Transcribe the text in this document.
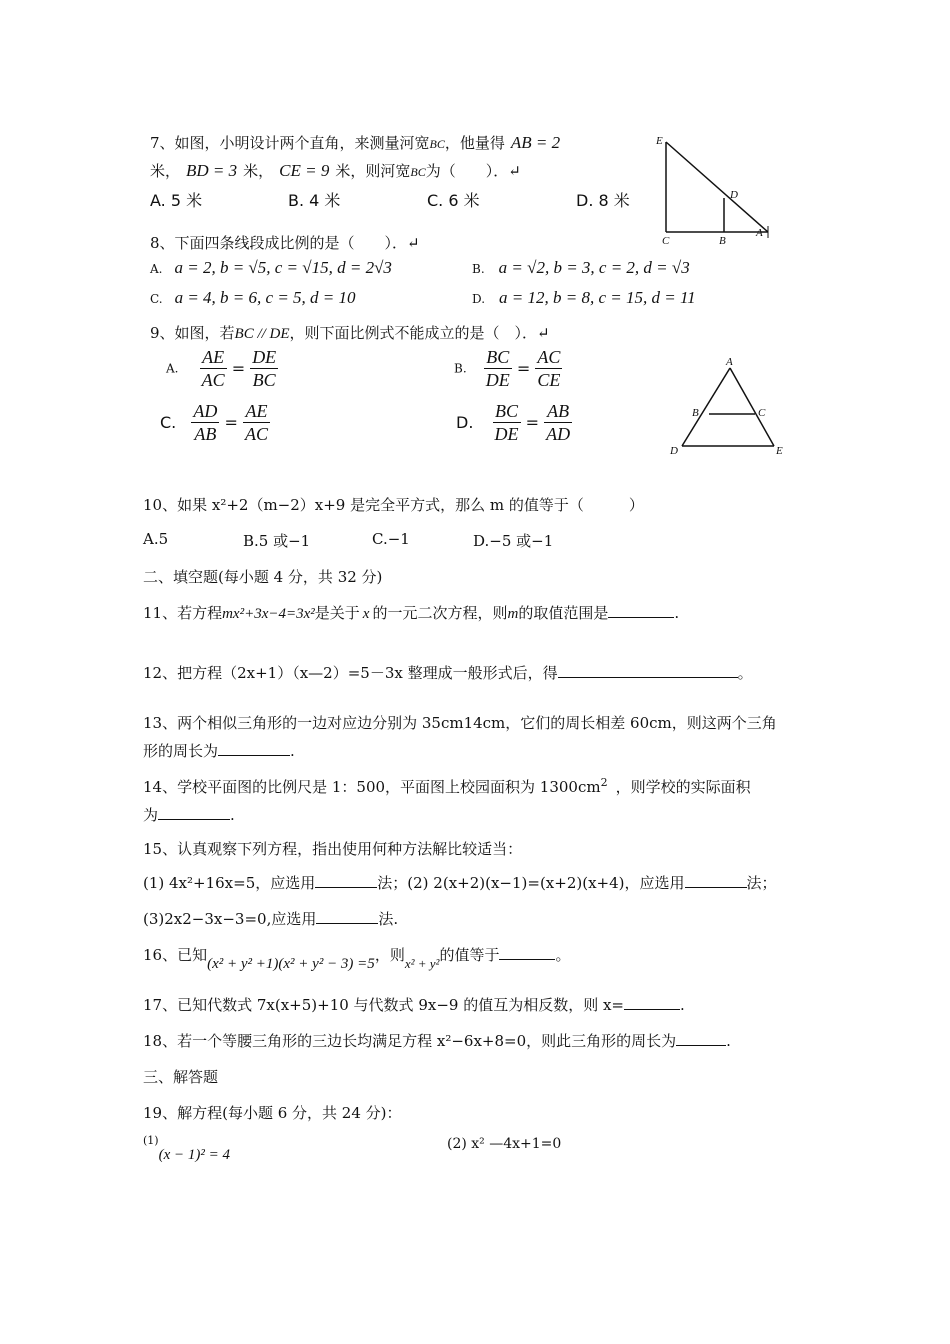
7、如图，小明设计两个直角，来测量河宽BC，他量得 AB = 2
米， BD = 3 米， CE = 9 米，则河宽BC为（　　）．↵
A. 5 米	B. 4 米	C. 6 米	D. 8 米
E
D
C	B
A
8、下面四条线段成比例的是（　　）．↵
A. a = 2, b = √5, c = √15, d = 2√3	B. a = √2, b = 3, c = 2, d = √3
C. a = 4, b = 6, c = 5, d = 10	D. a = 12, b = 8, c = 15, d = 11
9、如图，若BC // DE，则下面比例式不能成立的是（　）．↵
A. $\frac{AE}{AC} = \frac{DE}{BC}$	B. $\frac{BC}{DE} = \frac{AC}{CE}$
C. $\frac{AD}{AB} = \frac{AE}{AC}$	D. $\frac{BC}{DE} = \frac{AB}{AD}$
A
B	C
D	E
10、如果 x²+2（m−2）x+9 是完全平方式，那么 m 的值等于（　　　）
A.5	B.5 或−1	C.−1	D.−5 或−1
二、填空题(每小题 4 分，共 32 分)
11、若方程mx²+3x−4=3x²是关于 x 的一元二次方程，则m的取值范围是	.
12、把方程（2x+1）（x—2）=5－3x 整理成一般形式后，得	。
13、两个相似三角形的一边对应边分别为 35cm14cm，它们的周长相差 60cm，则这两个三角
形的周长为	.
14、学校平面图的比例尺是 1：500，平面图上校园面积为 $1300cm^2$ ，则学校的实际面积
为	.
15、认真观察下列方程，指出使用何种方法解比较适当：
(1) 4x²+16x=5，应选用	法；(2) 2(x+2)(x−1)=(x+2)(x+4)，应选用	法；
(3)2x2−3x−3=0,应选用	法.
16、已知(x² + y² +1)(x² + y² − 3) =5，则x² + y²的值等于	。
17、已知代数式 7x(x+5)+10 与代数式 9x−9 的值互为相反数，则 x=	.
18、若一个等腰三角形的三边长均满足方程 x²−6x+8=0，则此三角形的周长为	.
三、解答题
19、解方程(每小题 6 分，共 24 分)：
$^{(1)}$(x − 1)² = 4
(2) x² —4x+1=0
